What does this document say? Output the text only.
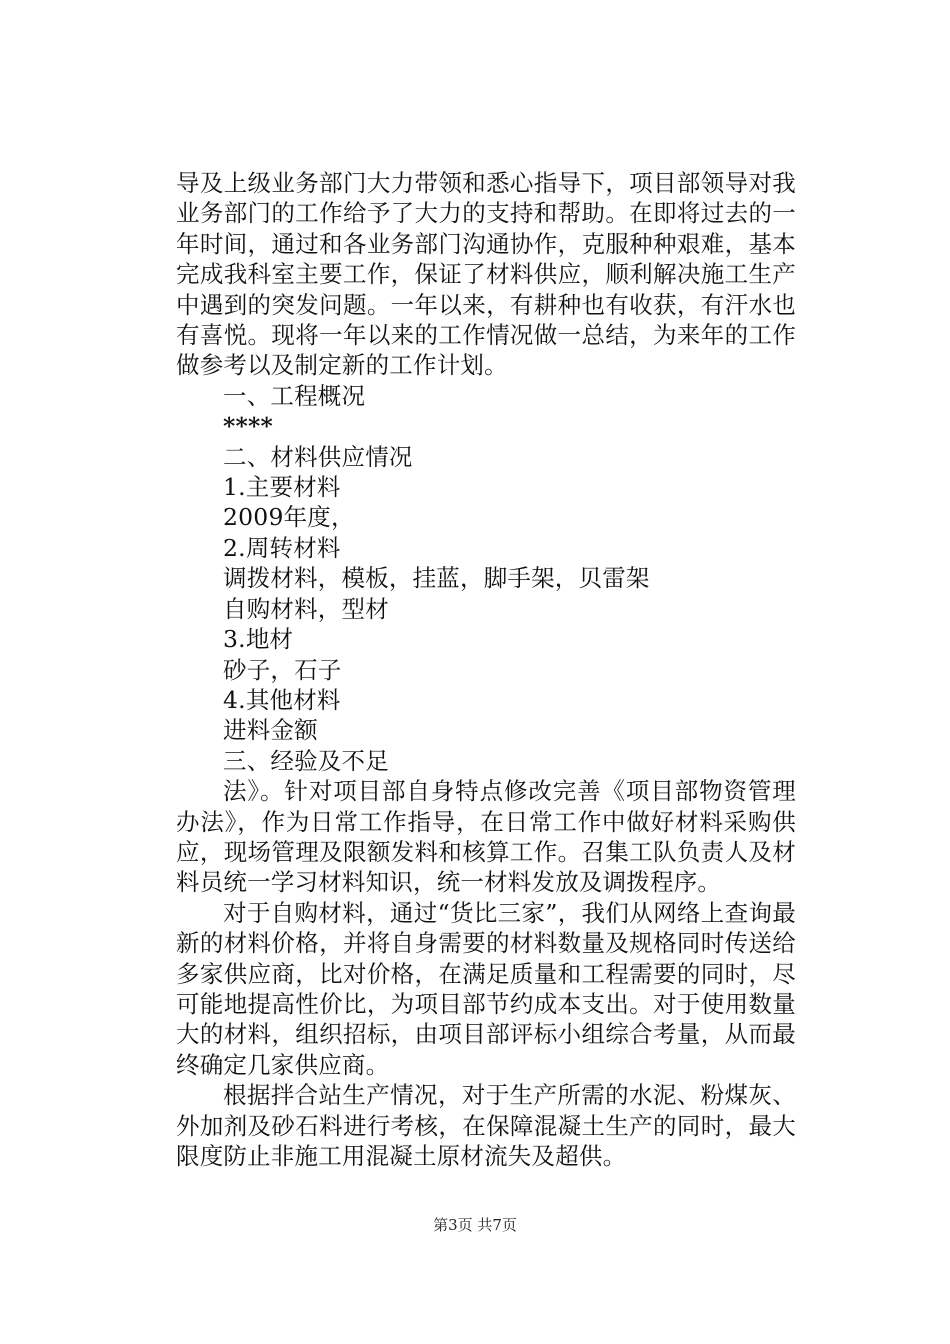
导及上级业务部门大力带领和悉心指导下，项目部领导对我业务部门的工作给予了大力的支持和帮助。在即将过去的一年时间，通过和各业务部门沟通协作，克服种种艰难，基本完成我科室主要工作，保证了材料供应，顺利解决施工生产中遇到的突发问题。一年以来，有耕种也有收获，有汗水也有喜悦。现将一年以来的工作情况做一总结，为来年的工作做参考以及制定新的工作计划。

一、工程概况

****

二、材料供应情况

1.主要材料

2009年度，

2.周转材料

调拨材料，模板，挂蓝，脚手架，贝雷架

自购材料，型材

3.地材

砂子，石子

4.其他材料

进料金额

三、经验及不足

法》。针对项目部自身特点修改完善《项目部物资管理办法》，作为日常工作指导，在日常工作中做好材料采购供应，现场管理及限额发料和核算工作。召集工队负责人及材料员统一学习材料知识，统一材料发放及调拨程序。

对于自购材料，通过“货比三家”，我们从网络上查询最新的材料价格，并将自身需要的材料数量及规格同时传送给多家供应商，比对价格，在满足质量和工程需要的同时，尽可能地提高性价比，为项目部节约成本支出。对于使用数量大的材料，组织招标，由项目部评标小组综合考量，从而最终确定几家供应商。

根据拌合站生产情况，对于生产所需的水泥、粉煤灰、外加剂及砂石料进行考核，在保障混凝土生产的同时，最大限度防止非施工用混凝土原材流失及超供。

第3页 共7页
